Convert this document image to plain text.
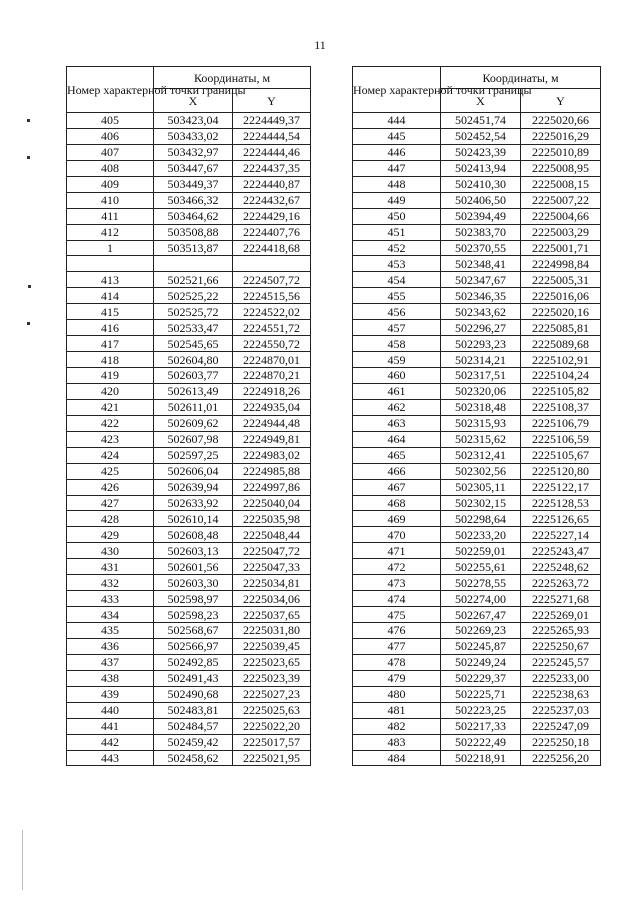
11
Номер характерной точки границы	Координаты, м	
	X	Y
405	503423,04	2224449,37
406	503433,02	2224444,54
407	503432,97	2224444,46
408	503447,67	2224437,35
409	503449,37	2224440,87
410	503466,32	2224432,67
411	503464,62	2224429,16
412	503508,88	2224407,76
1	503513,87	2224418,68

413	502521,66	2224507,72
414	502525,22	2224515,56
415	502525,72	2224522,02
416	502533,47	2224551,72
417	502545,65	2224550,72
418	502604,80	2224870,01
419	502603,77	2224870,21
420	502613,49	2224918,26
421	502611,01	2224935,04
422	502609,62	2224944,48
423	502607,98	2224949,81
424	502597,25	2224983,02
425	502606,04	2224985,88
426	502639,94	2224997,86
427	502633,92	2225040,04
428	502610,14	2225035,98
429	502608,48	2225048,44
430	502603,13	2225047,72
431	502601,56	2225047,33
432	502603,30	2225034,81
433	502598,97	2225034,06
434	502598,23	2225037,65
435	502568,67	2225031,80
436	502566,97	2225039,45
437	502492,85	2225023,65
438	502491,43	2225023,39
439	502490,68	2225027,23
440	502483,81	2225025,63
441	502484,57	2225022,20
442	502459,42	2225017,57
443	502458,62	2225021,95
Номер характерной точки границы	Координаты, м	
	X	Y
444	502451,74	2225020,66
445	502452,54	2225016,29
446	502423,39	2225010,89
447	502413,94	2225008,95
448	502410,30	2225008,15
449	502406,50	2225007,22
450	502394,49	2225004,66
451	502383,70	2225003,29
452	502370,55	2225001,71
453	502348,41	2224998,84
454	502347,67	2225005,31
455	502346,35	2225016,06
456	502343,62	2225020,16
457	502296,27	2225085,81
458	502293,23	2225089,68
459	502314,21	2225102,91
460	502317,51	2225104,24
461	502320,06	2225105,82
462	502318,48	2225108,37
463	502315,93	2225106,79
464	502315,62	2225106,59
465	502312,41	2225105,67
466	502302,56	2225120,80
467	502305,11	2225122,17
468	502302,15	2225128,53
469	502298,64	2225126,65
470	502233,20	2225227,14
471	502259,01	2225243,47
472	502255,61	2225248,62
473	502278,55	2225263,72
474	502274,00	2225271,68
475	502267,47	2225269,01
476	502269,23	2225265,93
477	502245,87	2225250,67
478	502249,24	2225245,57
479	502229,37	2225233,00
480	502225,71	2225238,63
481	502223,25	2225237,03
482	502217,33	2225247,09
483	502222,49	2225250,18
484	502218,91	2225256,20
